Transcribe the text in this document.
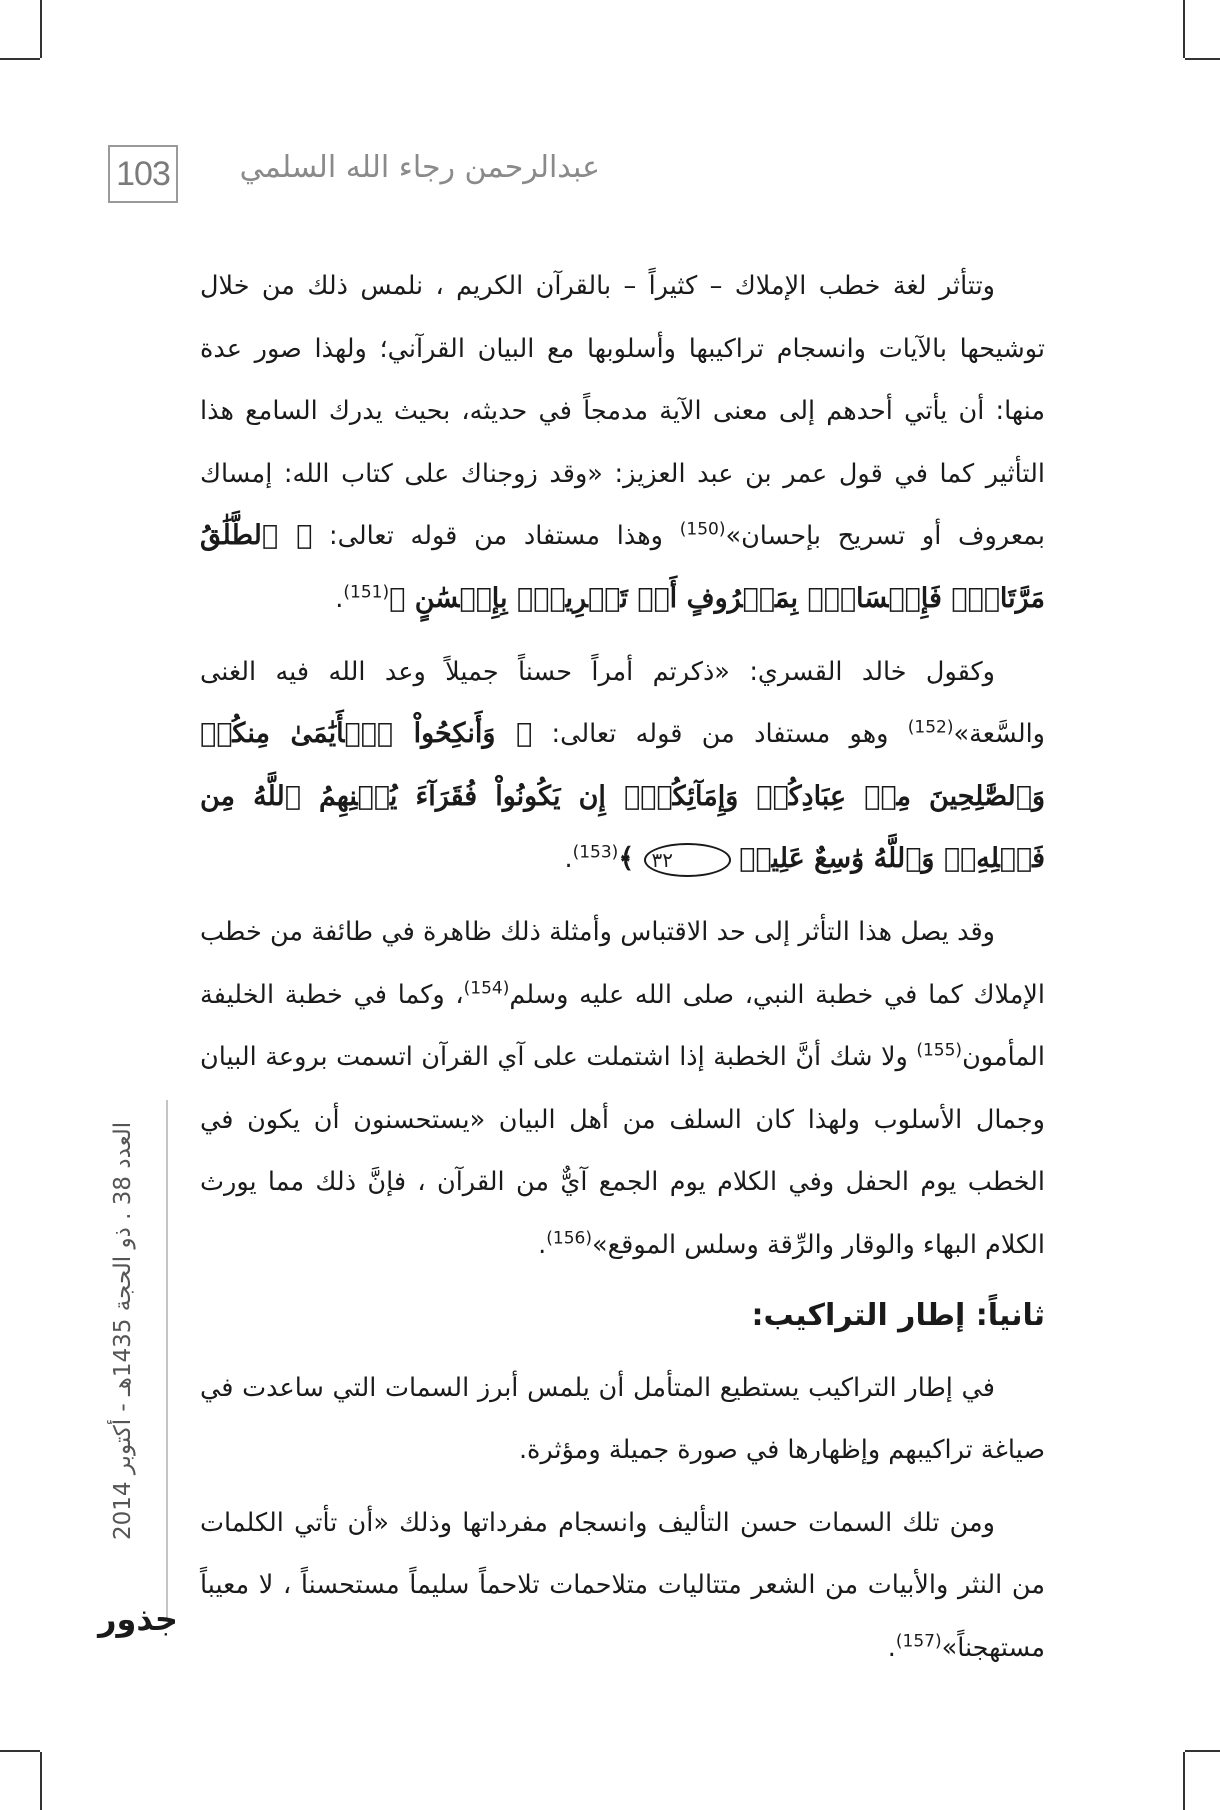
103	عبدالرحمن رجاء الله السلمي
العدد 38 . ذو الحجة 1435هـ - أكتوبر 2014
جذور

وتتأثر لغة خطب الإملاك – كثيراً – بالقرآن الكريم ، نلمس ذلك من خلال توشيحها بالآيات وانسجام تراكيبها وأسلوبها مع البيان القرآني؛ ولهذا صور عدة منها: أن يأتي أحدهم إلى معنى الآية مدمجاً في حديثه، بحيث يدرك السامع هذا التأثير كما في قول عمر بن عبد العزيز: «وقد زوجناك على كتاب الله: إمساك بمعروف أو تسريح بإحسان»$^{(150)}$ وهذا مستفاد من قوله تعالى: ﴿ ٱلطَّلَٰقُ مَرَّتَانِۖ فَإِمۡسَاكُۢ بِمَعۡرُوفٍ أَوۡ تَسۡرِيحُۢ بِإِحۡسَٰنٍ ﴾$^{(151)}$.

وكقول خالد القسري: «ذكرتم أمراً حسناً جميلاً وعد الله فيه الغنى والسَّعة»$^{(152)}$ وهو مستفاد من قوله تعالى: ﴿ وَأَنكِحُواْ ٱلۡأَيَٰمَىٰ مِنكُمۡ وَٱلصَّٰلِحِينَ مِنۡ عِبَادِكُمۡ وَإِمَآئِكُمۡۚ إِن يَكُونُواْ فُقَرَآءَ يُغۡنِهِمُ ٱللَّهُ مِن فَضۡلِهِۦۗ وَٱللَّهُ وَٰسِعٌ عَلِيمٞ ٣٢ ﴾$^{(153)}$.

وقد يصل هذا التأثر إلى حد الاقتباس وأمثلة ذلك ظاهرة في طائفة من خطب الإملاك كما في خطبة النبي، صلى الله عليه وسلم$^{(154)}$، وكما في خطبة الخليفة المأمون$^{(155)}$ ولا شك أنَّ الخطبة إذا اشتملت على آي القرآن اتسمت بروعة البيان وجمال الأسلوب ولهذا كان السلف من أهل البيان «يستحسنون أن يكون في الخطب يوم الحفل وفي الكلام يوم الجمع آيٌّ من القرآن ، فإنَّ ذلك مما يورث الكلام البهاء والوقار والرِّقة وسلس الموقع»$^{(156)}$.

ثانياً: إطار التراكيب:

في إطار التراكيب يستطيع المتأمل أن يلمس أبرز السمات التي ساعدت في صياغة تراكيبهم وإظهارها في صورة جميلة ومؤثرة.

ومن تلك السمات حسن التأليف وانسجام مفرداتها وذلك «أن تأتي الكلمات من النثر والأبيات من الشعر متتاليات متلاحمات تلاحماً سليماً مستحسناً ، لا معيباً مستهجناً»$^{(157)}$.
